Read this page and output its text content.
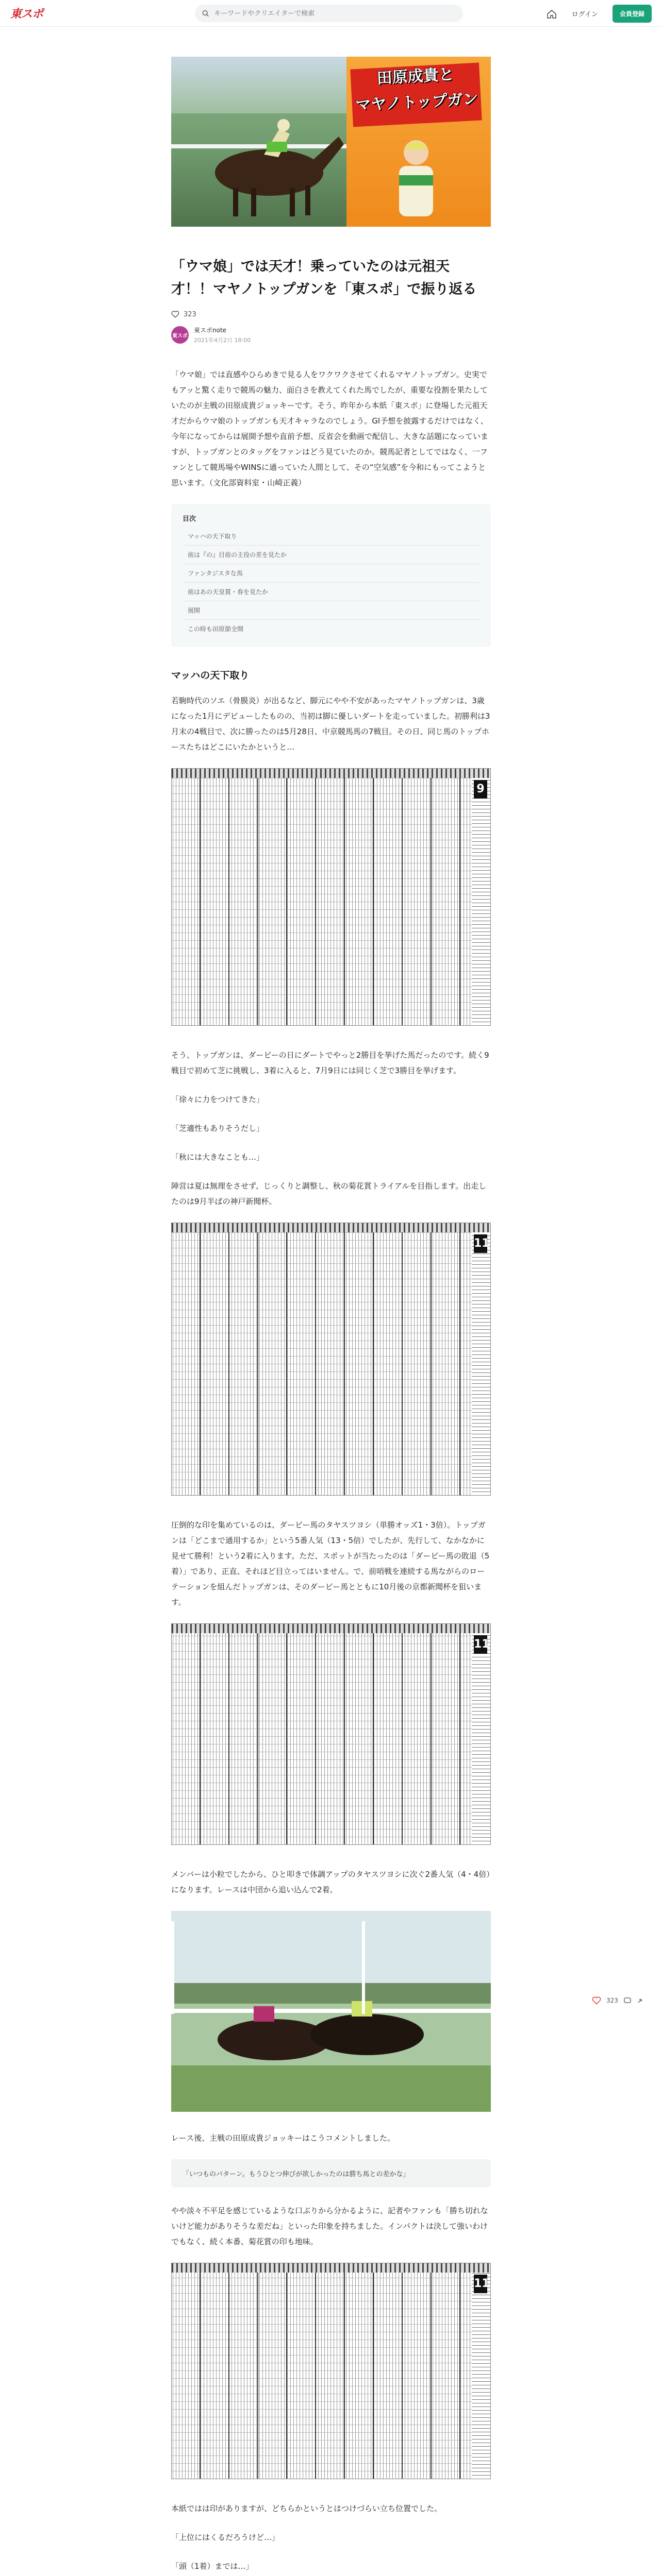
東スポ
キーワードやクリエイターで検索	ログイン	会員登録
田原成貴と
マヤノトップガン
「ウマ娘」では天才！乗っていたのは元祖天才！！マヤノトップガンを「東スポ」で振り返る
323
東スポ
東スポnote
2021年4月2日 18:00

「ウマ娘」では直感やひらめきで見る人をワクワクさせてくれるマヤノトップガン。史実でもアッと驚く走りで競馬の魅力、面白さを教えてくれた馬でしたが、重要な役割を果たしていたのが主戦の田原成貴ジョッキーです。そう、昨年から本紙「東スポ」に登場した元祖天才だからウマ娘のトップガンも天才キャラなのでしょう。Gl予想を披露するだけではなく、今年になってからは展開予想や直前予想、反省会を動画で配信し、大きな話題になっていますが、トップガンとのタッグをファンはどう見ていたのか。競馬記者としてではなく、一ファンとして競馬場やWINSに通っていた人間として、その“空気感”を今和にもってこようと思います。（文化部資料室・山崎正義）

目次
マッハの天下取り
前は『の』目前の主役の差を見たか
ファンタジスタな馬
前はあの天皇賞・春を見たか
展開
この時も田原節全開
マッハの天下取り

若駒時代のソエ（骨膜炎）が出るなど、脚元にやや不安があったマヤノトップガンは、3歳になった1月にデビューしたものの、当初は脚に優しいダートを走っていました。初勝利は3月末の4戦目で、次に勝ったのは5月28日、中京競馬馬の7戦目。その日、同じ馬のトップホースたちはどこにいたかというと…

9

そう、トップガンは、ダービーの日にダートでやっと2勝目を挙げた馬だったのです。続く9戦目で初めて芝に挑戦し、3着に入ると、7月9日には同じく芝で3勝目を挙げます。

「徐々に力をつけてきた」

「芝適性もありそうだし」

「秋には大きなことも…」

陣営は夏は無理をさせず、じっくりと調整し、秋の菊花賞トライアルを目指します。出走したのは9月半ばの神戸新聞杯。

11

圧倒的な印を集めているのは、ダービー馬のタヤスツヨシ（単勝オッズ1・3倍）。トップガンは「どこまで通用するか」という5番人気（13・5倍）でしたが、先行して、なかなかに見せて勝利！という2着に入ります。ただ、スポットが当たったのは「ダービー馬の敗退（5着）」であり、正直、それほど目立ってはいません。で、前哨戦を連続する馬ながらのローテーションを組んだトップガンは、そのダービー馬とともに10月後の京都新聞杯を狙います。

11

メンバーは小粒でしたから、ひと叩きで体調アップのタヤスツヨシに次ぐ2番人気（4・4倍）になります。レースは中団から追い込んで2着。

レース後、主戦の田原成貴ジョッキーはこうコメントしました。

「いつものパターン。もうひとつ伸びが欲しかったのは勝ち馬との差かな」

やや淡々不平足を感じているような口ぶりから分かるように、記者やファンも「勝ち切れないけど能力がありそうな差だね」といった印象を持ちました。インパクトは決して強いわけでもなく、続く本番、菊花賞の印も地味。

11

本紙ではは印がありますが、どちらかというとはつけづらい立ち位置でした。

「上位にはくるだろうけど…」

「頭（1着）までは…」

323
